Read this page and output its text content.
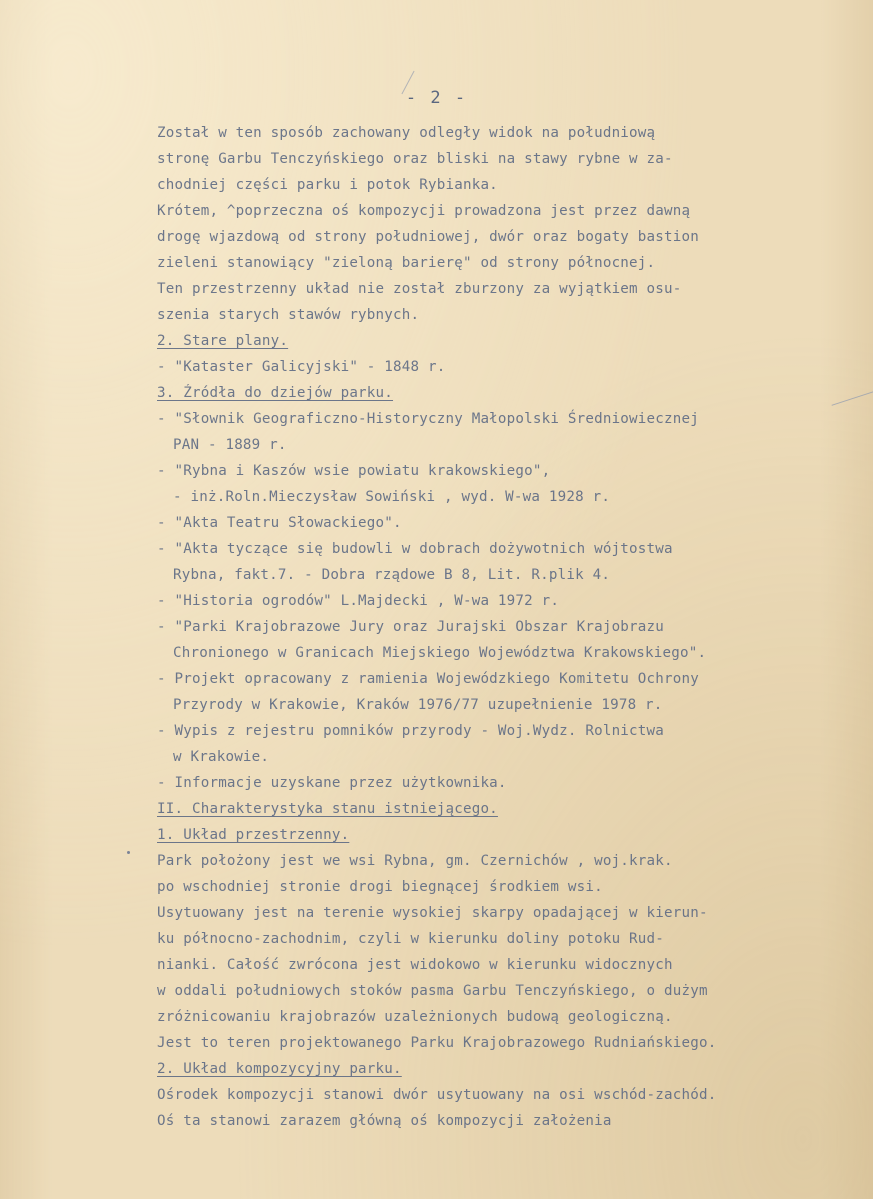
- 2 -
Został w ten sposób zachowany odległy widok na południową
stronę Garbu Tenczyńskiego oraz bliski na stawy rybne w za-
chodniej części parku i potok Rybianka.
Krótem, ^poprzeczna oś kompozycji prowadzona jest przez dawną
drogę wjazdową od strony południowej, dwór oraz bogaty bastion
zieleni stanowiący "zieloną barierę" od strony północnej.
Ten przestrzenny układ nie został zburzony za wyjątkiem osu-
szenia starych stawów rybnych.
2. Stare plany.
- "Kataster Galicyjski" - 1848 r.
3. Źródła do dziejów parku.
- "Słownik Geograficzno-Historyczny Małopolski Średniowiecznej
PAN - 1889 r.
- "Rybna i Kaszów wsie powiatu krakowskiego",
- inż.Roln.Mieczysław Sowiński , wyd. W-wa 1928 r.
- "Akta Teatru Słowackiego".
- "Akta tyczące się budowli w dobrach dożywotnich wójtostwa
Rybna, fakt.7. - Dobra rządowe B 8, Lit. R.plik 4.
- "Historia ogrodów" L.Majdecki , W-wa 1972 r.
- "Parki Krajobrazowe Jury oraz Jurajski Obszar Krajobrazu
Chronionego w Granicach Miejskiego Województwa Krakowskiego".
- Projekt opracowany z ramienia Wojewódzkiego Komitetu Ochrony
Przyrody w Krakowie, Kraków 1976/77 uzupełnienie 1978 r.
- Wypis z rejestru pomników przyrody - Woj.Wydz. Rolnictwa
w Krakowie.
- Informacje uzyskane przez użytkownika.
II. Charakterystyka stanu istniejącego.
1. Układ przestrzenny.
Park położony jest we wsi Rybna, gm. Czernichów , woj.krak.
po wschodniej stronie drogi biegnącej środkiem wsi.
Usytuowany jest na terenie wysokiej skarpy opadającej w kierun-
ku północno-zachodnim, czyli w kierunku doliny potoku Rud-
nianki. Całość zwrócona jest widokowo w kierunku widocznych
w oddali południowych stoków pasma Garbu Tenczyńskiego, o dużym
zróżnicowaniu krajobrazów uzależnionych budową geologiczną.
Jest to teren projektowanego Parku Krajobrazowego Rudniańskiego.
2. Układ kompozycyjny parku.
Ośrodek kompozycji stanowi dwór usytuowany na osi wschód-zachód.
Oś ta stanowi zarazem główną oś kompozycji założenia
